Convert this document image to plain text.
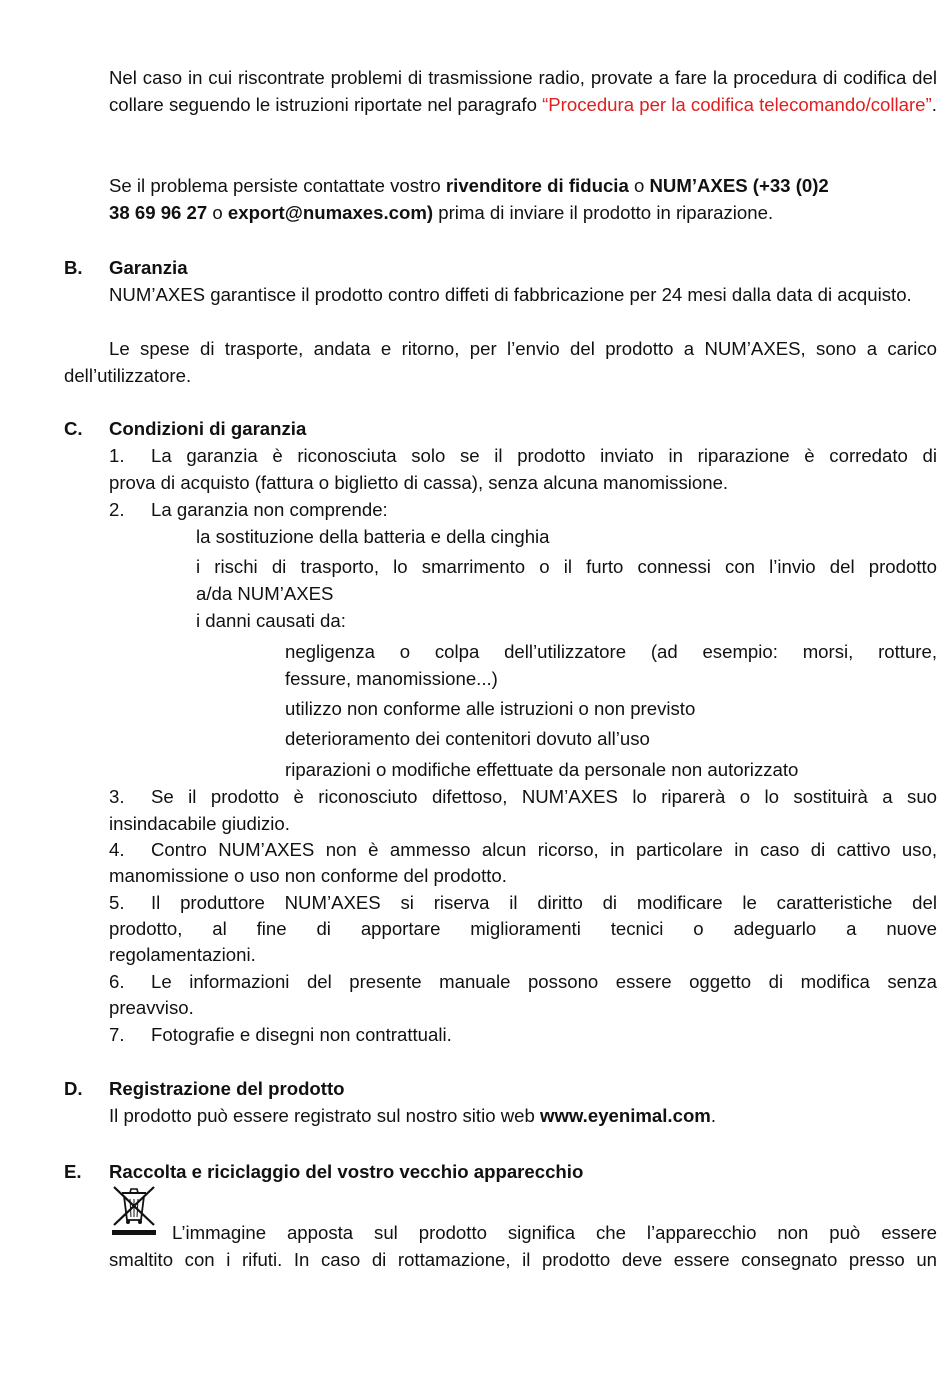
Nel caso in cui riscontrate problemi di trasmissione radio, provate a fare la procedura di codifica del collare seguendo le istruzioni riportate nel paragrafo “Procedura per la codifica telecomando/collare”.
Se il problema persiste contattate vostro rivenditore di fiducia o NUM’AXES (+33 (0)2
38 69 96 27 o export@numaxes.com) prima di inviare il prodotto in riparazione.
B. Garanzia
NUM’AXES garantisce il prodotto contro diffeti di fabbricazione per 24 mesi dalla data di acquisto.
Le spese di trasporte, andata e ritorno, per l’envio del prodotto a NUM’AXES, sono a carico dell’utilizzatore.
C. Condizioni di garanzia
1. La garanzia è riconosciuta solo se il prodotto inviato in riparazione è corredato di
prova di acquisto (fattura o biglietto di cassa), senza alcuna manomissione.
2. La garanzia non comprende:
la sostituzione della batteria e della cinghia
i rischi di trasporto, lo smarrimento o il furto connessi con l’invio del prodotto
a/da NUM’AXES
i danni causati da:
negligenza o colpa dell’utilizzatore (ad esempio: morsi, rotture,
fessure, manomissione...)
utilizzo non conforme alle istruzioni o non previsto
deterioramento dei contenitori dovuto all’uso
riparazioni o modifiche effettuate da personale non autorizzato
3. Se il prodotto è riconosciuto difettoso, NUM’AXES lo riparerà o lo sostituirà a suo
insindacabile giudizio.
4. Contro NUM’AXES non è ammesso alcun ricorso, in particolare in caso di cattivo uso,
manomissione o uso non conforme del prodotto.
5. Il produttore NUM’AXES si riserva il diritto di modificare le caratteristiche del
prodotto, al fine di apportare miglioramenti tecnici o adeguarlo a nuove
regolamentazioni.
6. Le informazioni del presente manuale possono essere oggetto di modifica senza
preavviso.
7. Fotografie e disegni non contrattuali.
D. Registrazione del prodotto
Il prodotto può essere registrato sul nostro sitio web www.eyenimal.com.
E. Raccolta e riciclaggio del vostro vecchio apparecchio
L’immagine apposta sul prodotto significa che l’apparecchio non può essere
smaltito con i rifuti. In caso di rottamazione, il prodotto deve essere consegnato presso un
